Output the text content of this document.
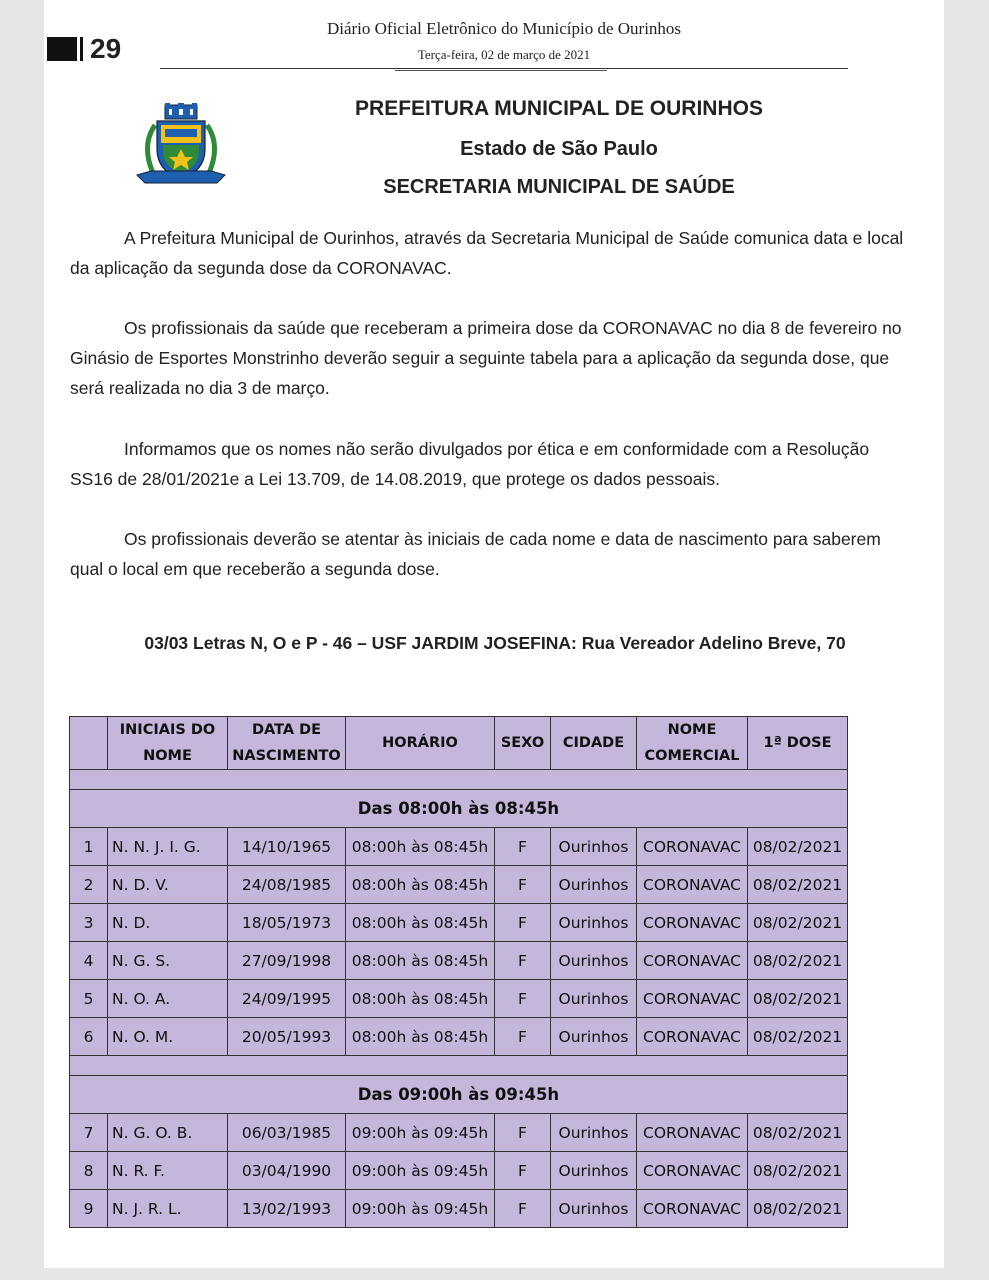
29
Diário Oficial Eletrônico do Município de Ourinhos
Terça-feira, 02 de março de 2021
PREFEITURA MUNICIPAL DE OURINHOS
Estado de São Paulo
SECRETARIA MUNICIPAL DE SAÚDE
A Prefeitura Municipal de Ourinhos, através da Secretaria Municipal de Saúde comunica data e local
da aplicação da segunda dose da CORONAVAC.
Os profissionais da saúde que receberam a primeira dose da CORONAVAC no dia 8 de fevereiro no
Ginásio de Esportes Monstrinho deverão seguir a seguinte tabela para a aplicação da segunda dose, que
será realizada no dia 3 de março.
Informamos que os nomes não serão divulgados por ética e em conformidade com a Resolução
SS16 de 28/01/2021e a Lei 13.709, de 14.08.2019, que protege os dados pessoais.
Os profissionais deverão se atentar às iniciais de cada nome e data de nascimento para saberem
qual o local em que receberão a segunda dose.
03/03 Letras N, O e P - 46 – USF JARDIM JOSEFINA: Rua Vereador Adelino Breve, 70
	INICIAIS DO NOME	DATA DE NASCIMENTO	HORÁRIO	SEXO	CIDADE	NOME COMERCIAL	1ª DOSE

Das 08:00h às 08:45h							
1	N. N. J. I. G.	14/10/1965	08:00h às 08:45h	F	Ourinhos	CORONAVAC	08/02/2021
2	N. D. V.	24/08/1985	08:00h às 08:45h	F	Ourinhos	CORONAVAC	08/02/2021
3	N. D.	18/05/1973	08:00h às 08:45h	F	Ourinhos	CORONAVAC	08/02/2021
4	N. G. S.	27/09/1998	08:00h às 08:45h	F	Ourinhos	CORONAVAC	08/02/2021
5	N. O. A.	24/09/1995	08:00h às 08:45h	F	Ourinhos	CORONAVAC	08/02/2021
6	N. O. M.	20/05/1993	08:00h às 08:45h	F	Ourinhos	CORONAVAC	08/02/2021

Das 09:00h às 09:45h							
7	N. G. O. B.	06/03/1985	09:00h às 09:45h	F	Ourinhos	CORONAVAC	08/02/2021
8	N. R. F.	03/04/1990	09:00h às 09:45h	F	Ourinhos	CORONAVAC	08/02/2021
9	N. J. R. L.	13/02/1993	09:00h às 09:45h	F	Ourinhos	CORONAVAC	08/02/2021
